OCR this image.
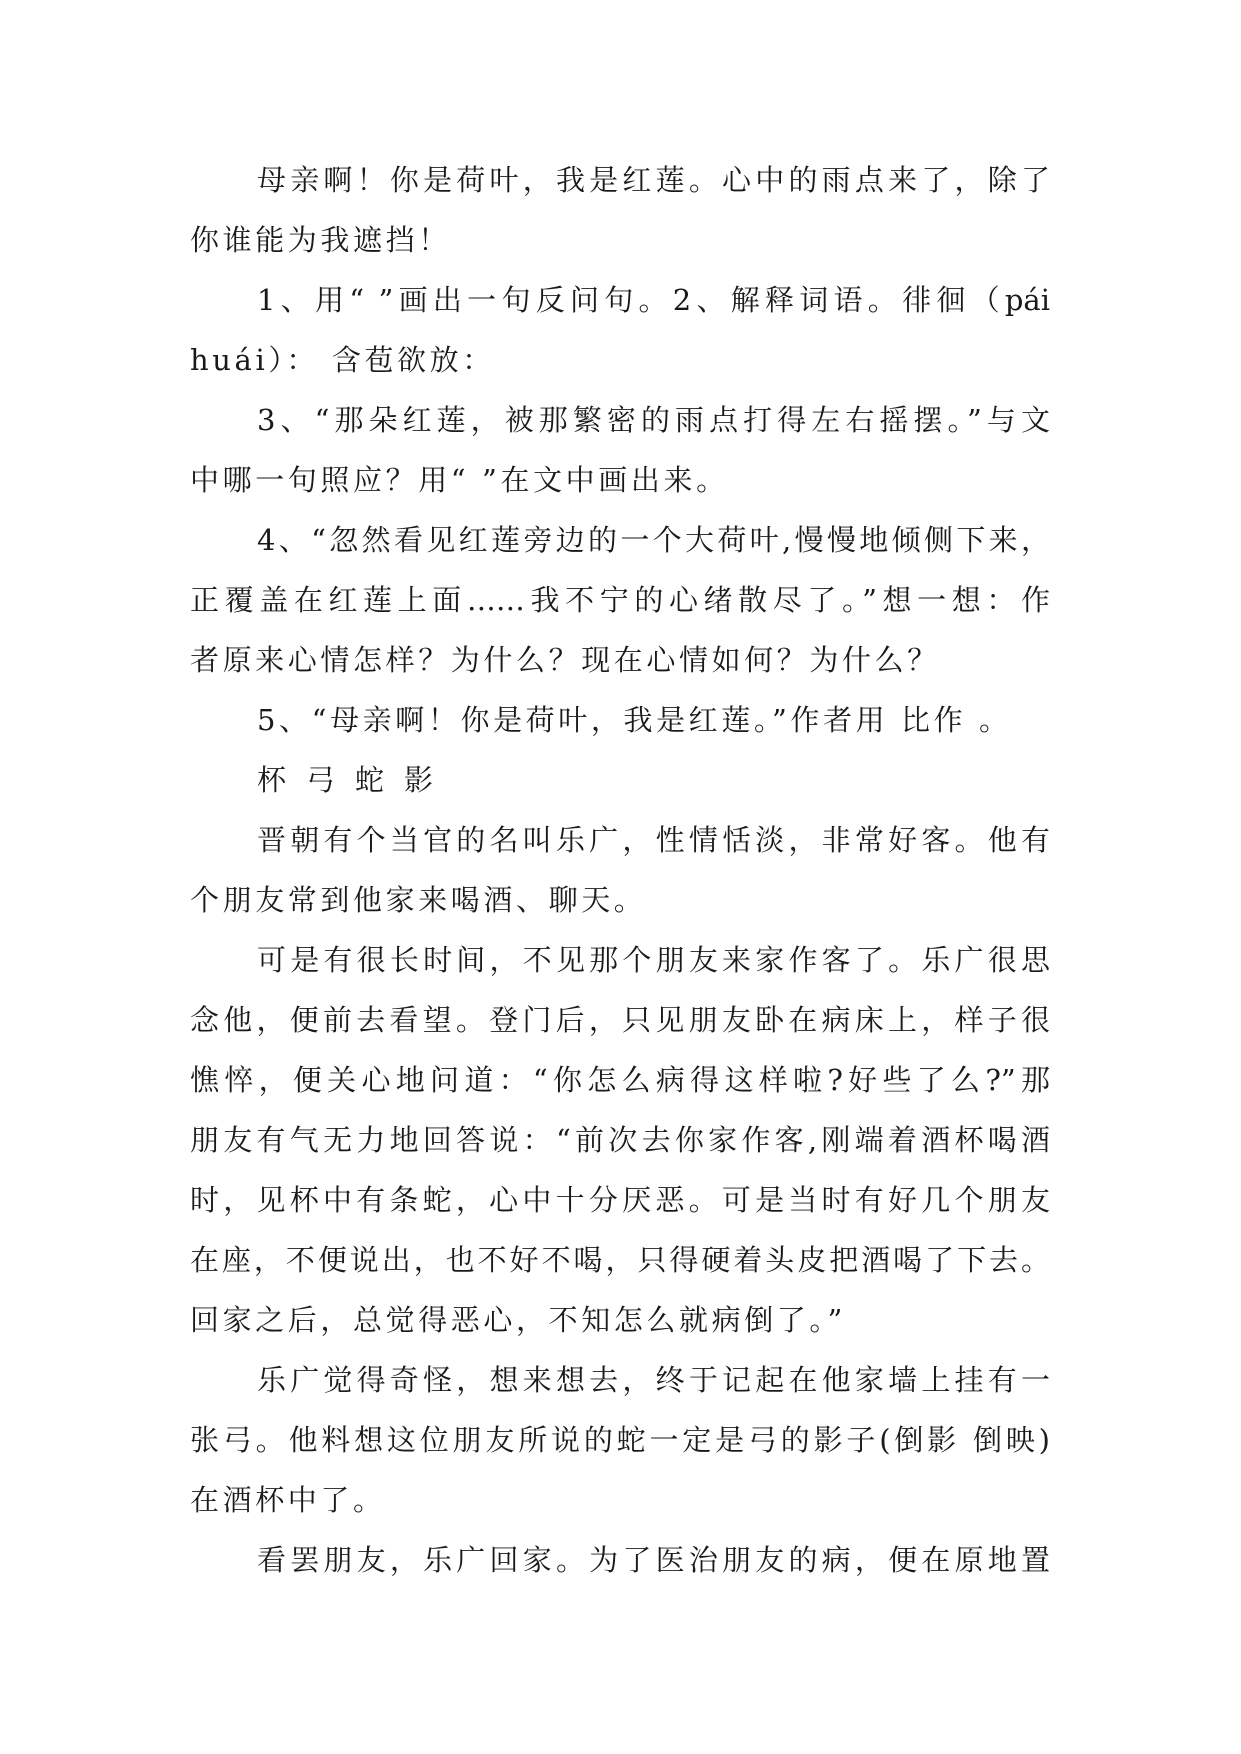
母亲啊！你是荷叶，我是红莲。心中的雨点来了，除了
你谁能为我遮挡！
1、用“ ”画出一句反问句。2、解释词语。徘徊（pái
huái）： 含苞欲放：
3、“那朵红莲，被那繁密的雨点打得左右摇摆。”与文
中哪一句照应？用“ ”在文中画出来。
4、“忽然看见红莲旁边的一个大荷叶,慢慢地倾侧下来，
正覆盖在红莲上面……我不宁的心绪散尽了。”想一想：作
者原来心情怎样？为什么？现在心情如何？为什么？
5、“母亲啊！你是荷叶，我是红莲。”作者用 比作 。
杯弓蛇影
晋朝有个当官的名叫乐广，性情恬淡，非常好客。他有
个朋友常到他家来喝酒、聊天。
可是有很长时间，不见那个朋友来家作客了。乐广很思
念他，便前去看望。登门后，只见朋友卧在病床上，样子很
憔悴，便关心地问道：“你怎么病得这样啦?好些了么?”那
朋友有气无力地回答说：“前次去你家作客,刚端着酒杯喝酒
时，见杯中有条蛇，心中十分厌恶。可是当时有好几个朋友
在座，不便说出，也不好不喝，只得硬着头皮把酒喝了下去。
回家之后，总觉得恶心，不知怎么就病倒了。”
乐广觉得奇怪，想来想去，终于记起在他家墙上挂有一
张弓。他料想这位朋友所说的蛇一定是弓的影子(倒影 倒映)
在酒杯中了。
看罢朋友，乐广回家。为了医治朋友的病，便在原地置
